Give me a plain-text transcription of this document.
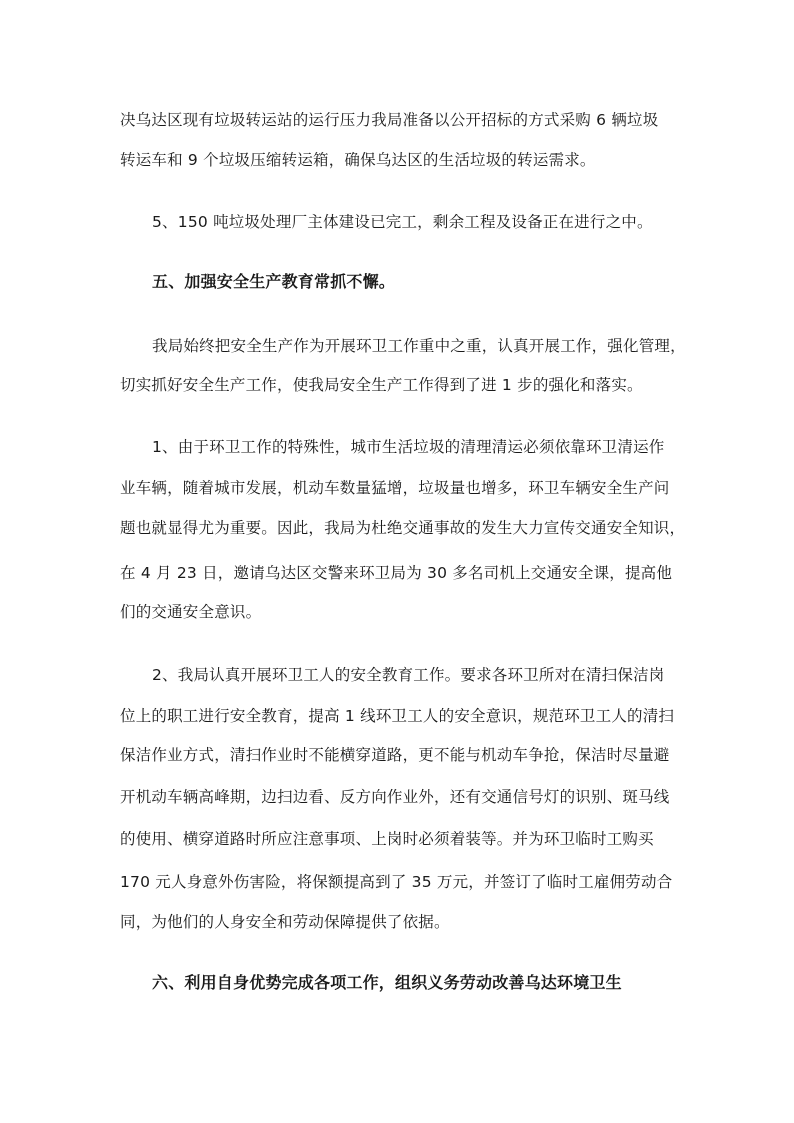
决乌达区现有垃圾转运站的运行压力我局准备以公开招标的方式采购 6 辆垃圾
转运车和 9 个垃圾压缩转运箱，确保乌达区的生活垃圾的转运需求。
5、150 吨垃圾处理厂主体建设已完工，剩余工程及设备正在进行之中。
五、加强安全生产教育常抓不懈。
我局始终把安全生产作为开展环卫工作重中之重，认真开展工作，强化管理，
切实抓好安全生产工作，使我局安全生产工作得到了进 1 步的强化和落实。
1、由于环卫工作的特殊性，城市生活垃圾的清理清运必须依靠环卫清运作
业车辆，随着城市发展，机动车数量猛增，垃圾量也增多，环卫车辆安全生产问
题也就显得尤为重要。因此，我局为杜绝交通事故的发生大力宣传交通安全知识，
在 4 月 23 日，邀请乌达区交警来环卫局为 30 多名司机上交通安全课，提高他
们的交通安全意识。
2、我局认真开展环卫工人的安全教育工作。要求各环卫所对在清扫保洁岗
位上的职工进行安全教育，提高 1 线环卫工人的安全意识，规范环卫工人的清扫
保洁作业方式，清扫作业时不能横穿道路，更不能与机动车争抢，保洁时尽量避
开机动车辆高峰期，边扫边看、反方向作业外，还有交通信号灯的识别、斑马线
的使用、横穿道路时所应注意事项、上岗时必须着装等。并为环卫临时工购买
170 元人身意外伤害险，将保额提高到了 35 万元，并签订了临时工雇佣劳动合
同，为他们的人身安全和劳动保障提供了依据。
六、利用自身优势完成各项工作，组织义务劳动改善乌达环境卫生
